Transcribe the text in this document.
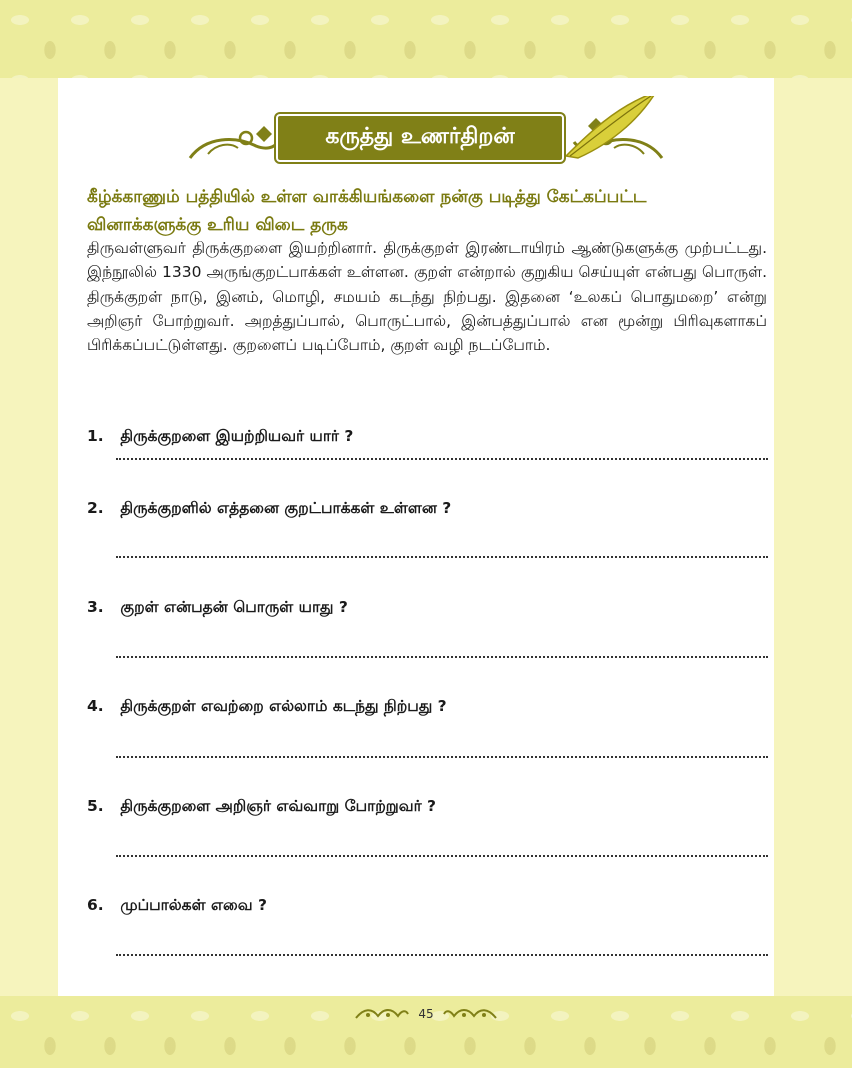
கருத்து உணர்திறன்
கீழ்க்காணும் பத்தியில் உள்ள வாக்கியங்களை நன்கு படித்து கேட்கப்பட்ட வினாக்களுக்கு உரிய விடை தருக
திருவள்ளுவர் திருக்குறளை இயற்றினார். திருக்குறள் இரண்டாயிரம் ஆண்டுகளுக்கு முற்பட்டது. இந்நூலில் 1330 அருங்குறட்பாக்கள் உள்ளன. குறள் என்றால் குறுகிய செய்யுள் என்பது பொருள். திருக்குறள் நாடு, இனம், மொழி, சமயம் கடந்து நிற்பது. இதனை ‘உலகப் பொதுமறை’ என்று அறிஞர் போற்றுவர். அறத்துப்பால், பொருட்பால், இன்பத்துப்பால் என மூன்று பிரிவுகளாகப் பிரிக்கப்பட்டுள்ளது. குறளைப் படிப்போம், குறள் வழி நடப்போம்.
1. திருக்குறளை இயற்றியவர் யார் ?
2. திருக்குறளில் எத்தனை குறட்பாக்கள் உள்ளன ?
3. குறள் என்பதன் பொருள் யாது ?
4. திருக்குறள் எவற்றை எல்லாம் கடந்து நிற்பது ?
5. திருக்குறளை அறிஞர் எவ்வாறு போற்றுவர் ?
6. முப்பால்கள் எவை ?
45
